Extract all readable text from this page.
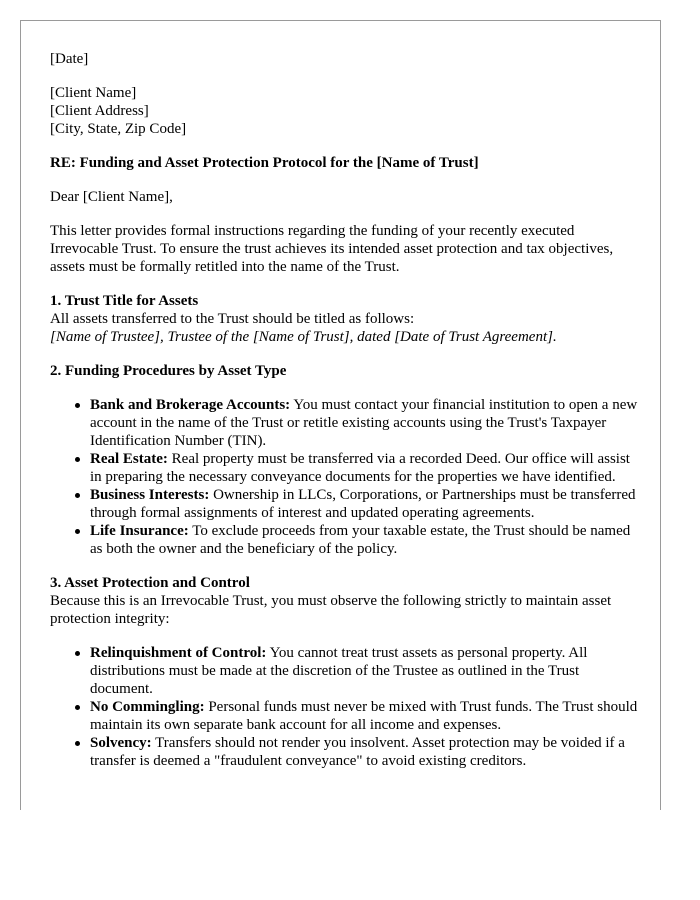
[Date]

[Client Name]
[Client Address]
[City, State, Zip Code]

RE: Funding and Asset Protection Protocol for the [Name of Trust]

Dear [Client Name],

This letter provides formal instructions regarding the funding of your recently executed Irrevocable Trust. To ensure the trust achieves its intended asset protection and tax objectives, assets must be formally retitled into the name of the Trust.

1. Trust Title for Assets

All assets transferred to the Trust should be titled as follows:

[Name of Trustee], Trustee of the [Name of Trust], dated [Date of Trust Agreement].

2. Funding Procedures by Asset Type
Bank and Brokerage Accounts: You must contact your financial institution to open a new account in the name of the Trust or retitle existing accounts using the Trust's Taxpayer Identification Number (TIN).
Real Estate: Real property must be transferred via a recorded Deed. Our office will assist in preparing the necessary conveyance documents for the properties we have identified.
Business Interests: Ownership in LLCs, Corporations, or Partnerships must be transferred through formal assignments of interest and updated operating agreements.
Life Insurance: To exclude proceeds from your taxable estate, the Trust should be named as both the owner and the beneficiary of the policy.
3. Asset Protection and Control

Because this is an Irrevocable Trust, you must observe the following strictly to maintain asset protection integrity:

Relinquishment of Control: You cannot treat trust assets as personal property. All distributions must be made at the discretion of the Trustee as outlined in the Trust document.
No Commingling: Personal funds must never be mixed with Trust funds. The Trust should maintain its own separate bank account for all income and expenses.
Solvency: Transfers should not render you insolvent. Asset protection may be voided if a transfer is deemed a "fraudulent conveyance" to avoid existing creditors.
